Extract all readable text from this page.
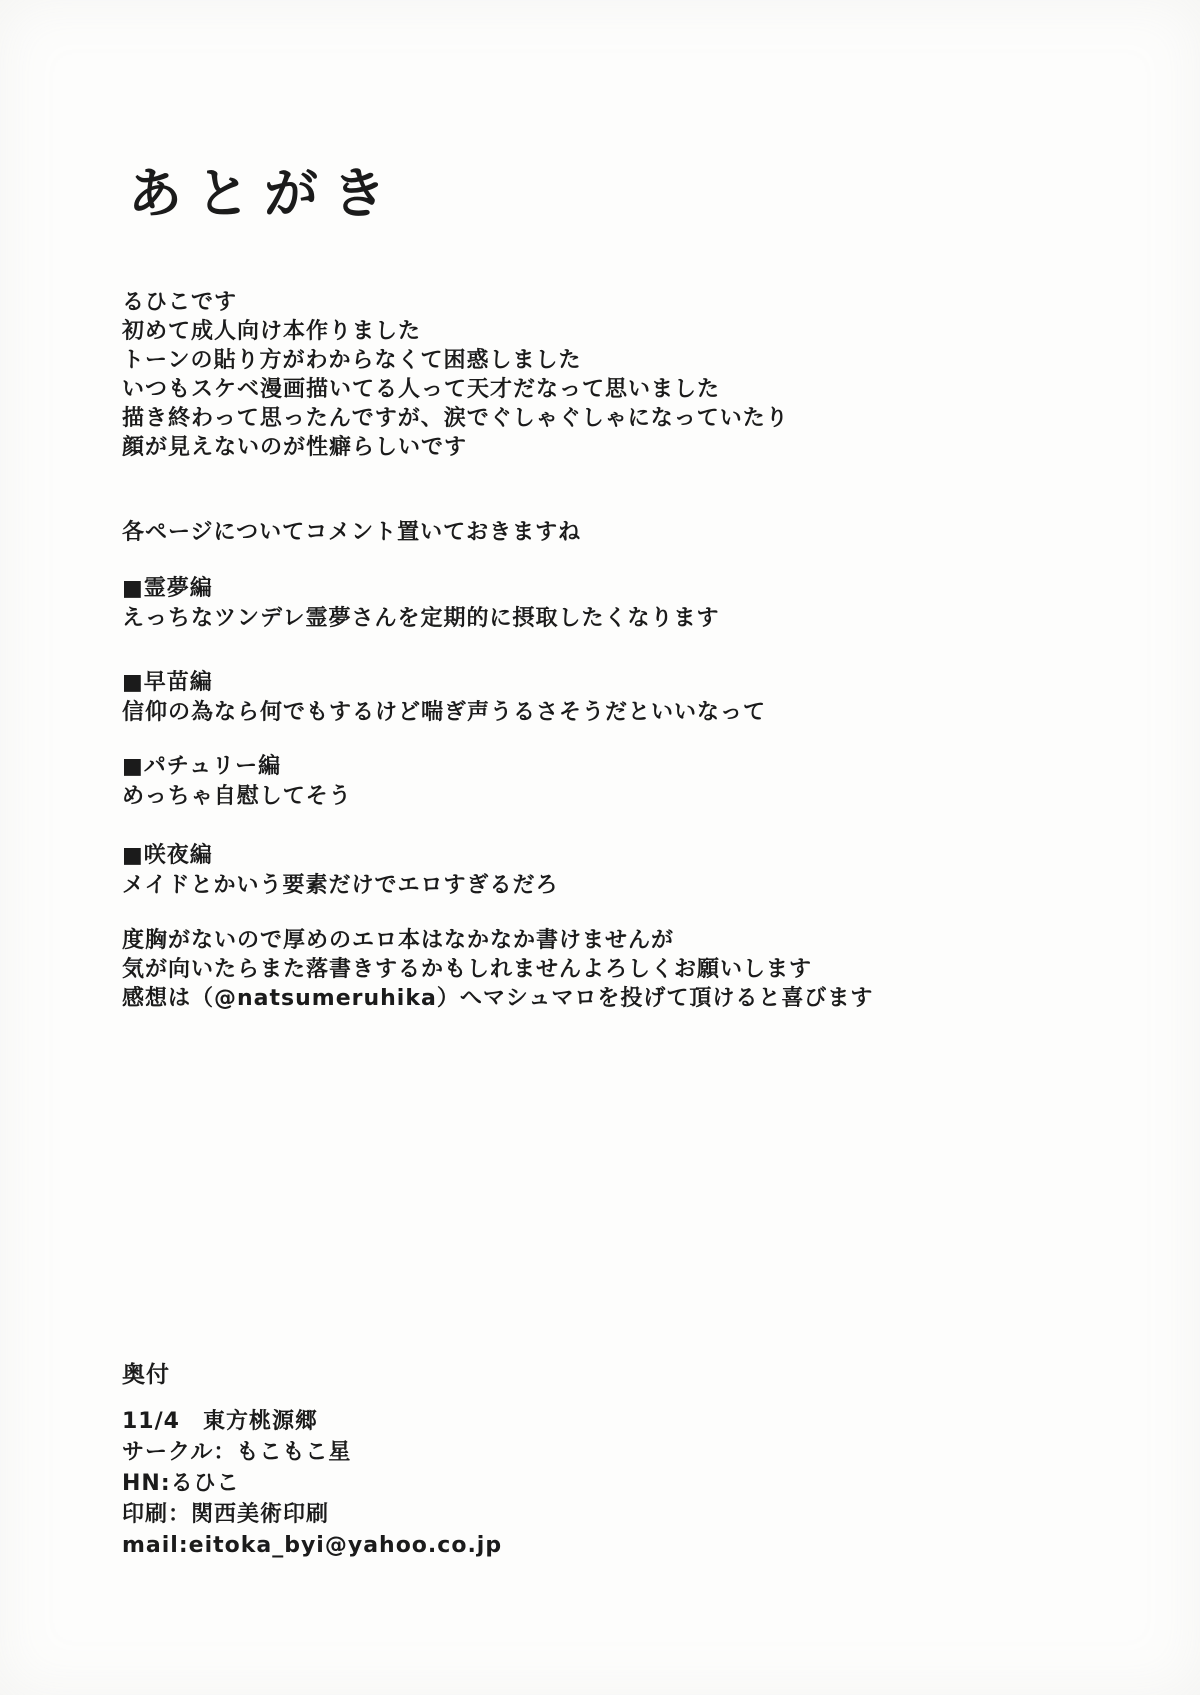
あとがき
るひこです
初めて成人向け本作りました
トーンの貼り方がわからなくて困惑しました
いつもスケベ漫画描いてる人って天才だなって思いました
描き終わって思ったんですが、涙でぐしゃぐしゃになっていたり
顔が見えないのが性癖らしいです
各ページについてコメント置いておきますね
■霊夢編
えっちなツンデレ霊夢さんを定期的に摂取したくなります
■早苗編
信仰の為なら何でもするけど喘ぎ声うるさそうだといいなって
■パチュリー編
めっちゃ自慰してそう
■咲夜編
メイドとかいう要素だけでエロすぎるだろ
度胸がないので厚めのエロ本はなかなか書けませんが
気が向いたらまた落書きするかもしれませんよろしくお願いします
感想は（@natsumeruhika）へマシュマロを投げて頂けると喜びます
奥付
11/4　東方桃源郷
サークル：もこもこ星
HN:るひこ
印刷：関西美術印刷
mail:eitoka_byi@yahoo.co.jp
